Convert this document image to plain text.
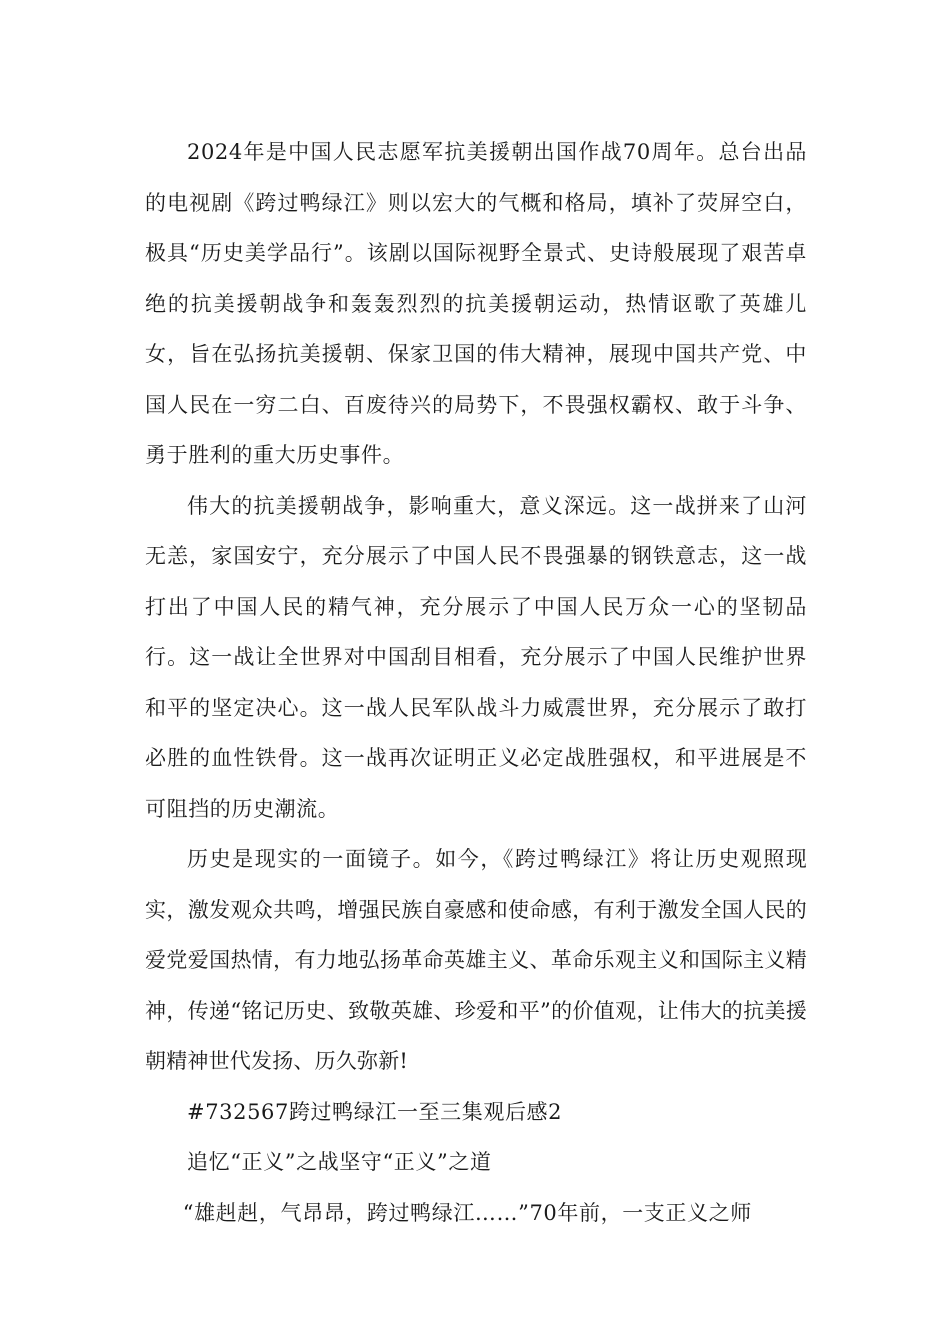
2024年是中国人民志愿军抗美援朝出国作战70周年。总台出品的电视剧《跨过鸭绿江》则以宏大的气概和格局，填补了荧屏空白，极具“历史美学品行”。该剧以国际视野全景式、史诗般展现了艰苦卓绝的抗美援朝战争和轰轰烈烈的抗美援朝运动，热情讴歌了英雄儿女，旨在弘扬抗美援朝、保家卫国的伟大精神，展现中国共产党、中国人民在一穷二白、百废待兴的局势下，不畏强权霸权、敢于斗争、勇于胜利的重大历史事件。

伟大的抗美援朝战争，影响重大，意义深远。这一战拼来了山河无恙，家国安宁，充分展示了中国人民不畏强暴的钢铁意志，这一战打出了中国人民的精气神，充分展示了中国人民万众一心的坚韧品行。这一战让全世界对中国刮目相看，充分展示了中国人民维护世界和平的坚定决心。这一战人民军队战斗力威震世界，充分展示了敢打必胜的血性铁骨。这一战再次证明正义必定战胜强权，和平进展是不可阻挡的历史潮流。

历史是现实的一面镜子。如今，《跨过鸭绿江》将让历史观照现实，激发观众共鸣，增强民族自豪感和使命感，有利于激发全国人民的爱党爱国热情，有力地弘扬革命英雄主义、革命乐观主义和国际主义精神，传递“铭记历史、致敬英雄、珍爱和平”的价值观，让伟大的抗美援朝精神世代发扬、历久弥新!

#732567跨过鸭绿江一至三集观后感2

追忆“正义”之战坚守“正义”之道

“雄赳赳，气昂昂，跨过鸭绿江……”70年前，一支正义之师
